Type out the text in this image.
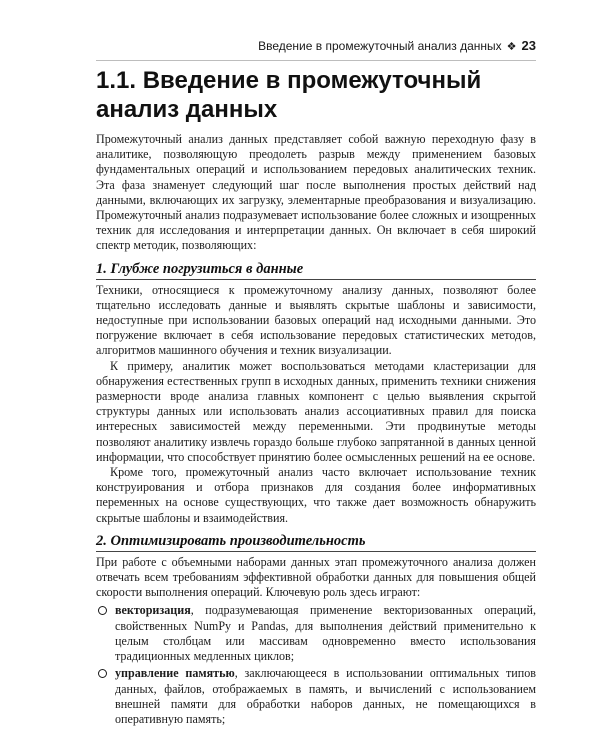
Введение в промежуточный анализ данных ❖ 23
1.1. Введение в промежуточный анализ данных

Промежуточный анализ данных представляет собой важную переходную фазу в аналитике, позволяющую преодолеть разрыв между применением базовых фундаментальных операций и использованием передовых аналитических техник. Эта фаза знаменует следующий шаг после выполнения простых действий над данными, включающих их загрузку, элементарные преобразования и визуализацию. Промежуточный анализ подразумевает использование более сложных и изощренных техник для исследования и интерпретации данных. Он включает в себя широкий спектр методик, позволяющих:

1. Глубже погрузиться в данные

Техники, относящиеся к промежуточному анализу данных, позволяют более тщательно исследовать данные и выявлять скрытые шаблоны и зависимости, недоступные при использовании базовых операций над исходными данными. Это погружение включает в себя использование передовых статистических методов, алгоритмов машинного обучения и техник визуализации.

К примеру, аналитик может воспользоваться методами кластеризации для обнаружения естественных групп в исходных данных, применить техники снижения размерности вроде анализа главных компонент с целью выявления скрытой структуры данных или использовать анализ ассоциативных правил для поиска интересных зависимостей между переменными. Эти продвинутые методы позволяют аналитику извлечь гораздо больше глубоко запрятанной в данных ценной информации, что способствует принятию более осмысленных решений на ее основе.

Кроме того, промежуточный анализ часто включает использование техник конструирования и отбора признаков для создания более информативных переменных на основе существующих, что также дает возможность обнаружить скрытые шаблоны и взаимодействия.

2. Оптимизировать производительность

При работе с объемными наборами данных этап промежуточного анализа должен отвечать всем требованиям эффективной обработки данных для повышения общей скорости выполнения операций. Ключевую роль здесь играют:

векторизация, подразумевающая применение векторизованных операций, свойственных NumPy и Pandas, для выполнения действий применительно к целым столбцам или массивам одновременно вместо использования традиционных медленных циклов;
управление памятью, заключающееся в использовании оптимальных типов данных, файлов, отображаемых в память, и вычислений с использованием внешней памяти для обработки наборов данных, не помещающихся в оперативную память;
